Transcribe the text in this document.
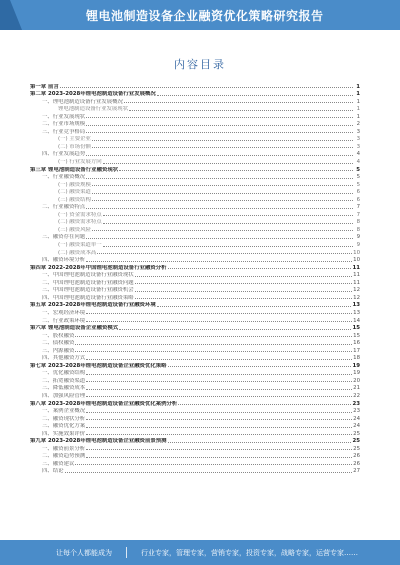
锂电池制造设备企业融资优化策略研究报告
内容目录
第一章 前言	1
第二章 2023-2028年锂电池制造设备行业发展概况	1
一、锂电池制造设备行业发展概况	1
锂电池制造设备行业发展现状	1
一、行业发展现状	1
二、行业市场规模	2
三、行业竞争格局	3
(一) 主要企业	3
(二) 市场份额	3
四、行业发展趋势	4
(一) 行业发展方向	4
第三章 锂电池制造设备行业融资现状	5
一、行业融资概况	5
(一) 融资规模	5
(二) 融资渠道	6
(三) 融资结构	6
二、行业融资特点	7
(一) 资金需求特点	7
(二) 融资需求特点	8
(三) 融资风险	8
三、融资存在问题	9
(一) 融资渠道单一	9
(二) 融资成本高	10
四、融资环境分析	10
第四章 2022-2028年中国锂电池制造设备行业融资分析	11
一、中国锂电池制造设备行业融资现状	11
二、中国锂电池制造设备行业融资问题	11
三、中国锂电池制造设备行业融资机会	12
四、中国锂电池制造设备行业融资策略	12
第五章 2023-2028年锂电池制造设备行业融资环境	13
一、宏观经济环境	13
二、行业政策环境	14
第六章 锂电池制造设备企业融资模式	15
一、股权融资	15
二、债权融资	16
三、内源融资	17
四、其他融资方式	18
第七章 2023-2028年锂电池制造设备企业融资优化策略	19
一、优化融资结构	19
二、拓宽融资渠道	20
三、降低融资成本	21
四、加强风险管理	22
第八章 2023-2028年锂电池制造设备企业融资优化案例分析	23
一、案例企业概况	23
二、融资现状分析	24
三、融资优化方案	24
四、实施效果评价	25
第九章 2023-2028年锂电池制造设备企业融资前景预测	25
一、融资前景分析	25
二、融资趋势预测	26
三、融资建议	26
四、结论	27
让每个人都能成为	行业专家，管理专家，营销专家，投资专家，战略专家，运营专家……
